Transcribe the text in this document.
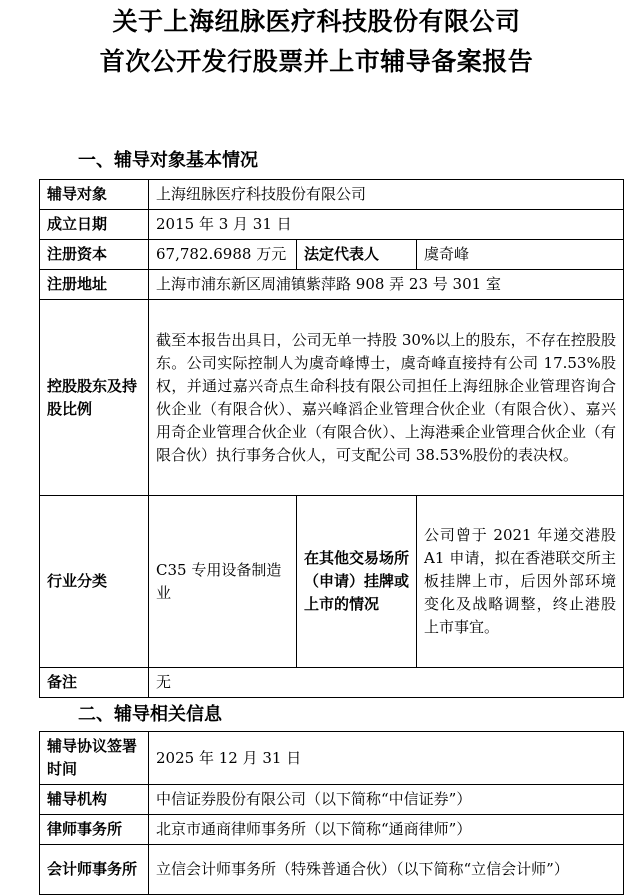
关于上海纽脉医疗科技股份有限公司
首次公开发行股票并上市辅导备案报告
一、辅导对象基本情况
辅导对象	上海纽脉医疗科技股份有限公司		
成立日期	2015 年 3 月 31 日		
注册资本	67,782.6988 万元	法定代表人	虞奇峰
注册地址	上海市浦东新区周浦镇紫萍路 908 弄 23 号 301 室		
控股股东及持股比例	截至本报告出具日，公司无单一持股 30%以上的股东，不存在控股股东。公司实际控制人为虞奇峰博士，虞奇峰直接持有公司 17.53%股权，并通过嘉兴奇点生命科技有限公司担任上海纽脉企业管理咨询合伙企业（有限合伙）、嘉兴峰滔企业管理合伙企业（有限合伙）、嘉兴用奇企业管理合伙企业（有限合伙）、上海港乘企业管理合伙企业（有限合伙）执行事务合伙人，可支配公司 38.53%股份的表决权。		
行业分类	C35 专用设备制造业	在其他交易场所（申请）挂牌或上市的情况	公司曾于 2021 年递交港股 A1 申请，拟在香港联交所主板挂牌上市，后因外部环境变化及战略调整，终止港股上市事宜。
备注	无		
二、辅导相关信息
辅导协议签署时间	2025 年 12 月 31 日
辅导机构	中信证券股份有限公司（以下简称“中信证券”）
律师事务所	北京市通商律师事务所（以下简称“通商律师”）
会计师事务所	立信会计师事务所（特殊普通合伙）（以下简称“立信会计师”）
